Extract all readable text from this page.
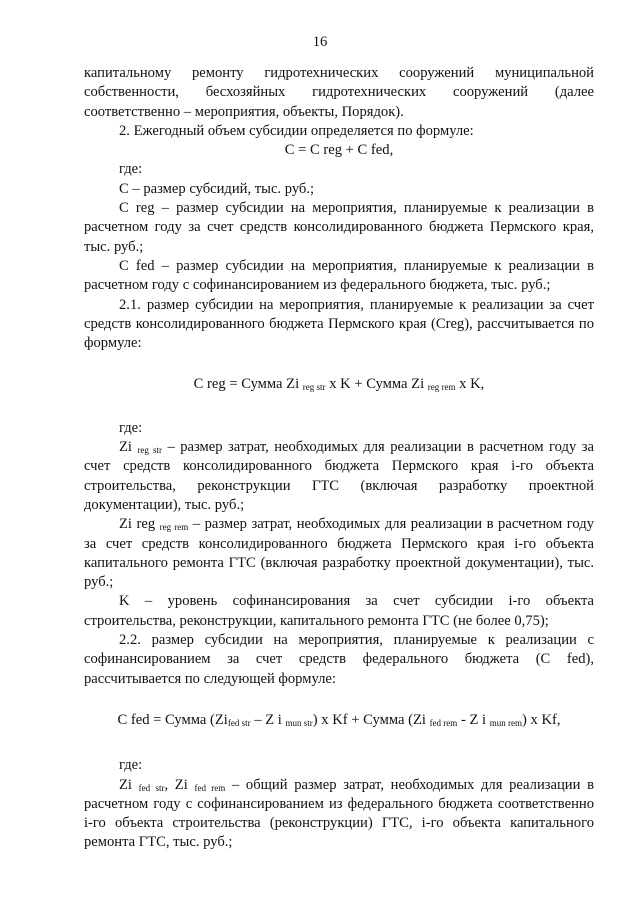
16

капитальному ремонту гидротехнических сооружений муниципальной собственности, бесхозяйных гидротехнических сооружений (далее соответственно – мероприятия, объекты, Порядок).

2. Ежегодный объем субсидии определяется по формуле:

С = С reg + С fed,

где:

С – размер субсидий, тыс. руб.;

С reg – размер субсидии на мероприятия, планируемые к реализации в расчетном году за счет средств консолидированного бюджета Пермского края, тыс. руб.;

С fed – размер субсидии на мероприятия, планируемые к реализации в расчетном году с софинансированием из федерального бюджета, тыс. руб.;

2.1. размер субсидии на мероприятия, планируемые к реализации за счет средств консолидированного бюджета Пермского края (Creg), рассчитывается по формуле:

С reg = Сумма Zi $_{reg str}$ х K + Сумма Zi $_{reg rem}$ х K,

где:

Zi $_{reg str}$ – размер затрат, необходимых для реализации в расчетном году за счет средств консолидированного бюджета Пермского края i-го объекта строительства, реконструкции ГТС (включая разработку проектной документации), тыс. руб.;

Zi reg $_{reg rem}$ – размер затрат, необходимых для реализации в расчетном году за счет средств консолидированного бюджета Пермского края i-го объекта капитального ремонта ГТС (включая разработку проектной документации), тыс. руб.;

K – уровень софинансирования за счет субсидии i-го объекта строительства, реконструкции, капитального ремонта ГТС (не более 0,75);

2.2. размер субсидии на мероприятия, планируемые к реализации с софинансированием за счет средств федерального бюджета (С fed), рассчитывается по следующей формуле:

С fed = Сумма ($Zi_{fed str}$ – Z i $_{mun str}$) x Kf + Сумма (Zi $_{fed rem}$ - Z i $_{mun rem}$) x Kf,

где:

Zi $_{fed str}$, Zi $_{fed rem}$ – общий размер затрат, необходимых для реализации в расчетном году с софинансированием из федерального бюджета соответственно i-го объекта строительства (реконструкции) ГТС, i-го объекта капитального ремонта ГТС, тыс. руб.;
